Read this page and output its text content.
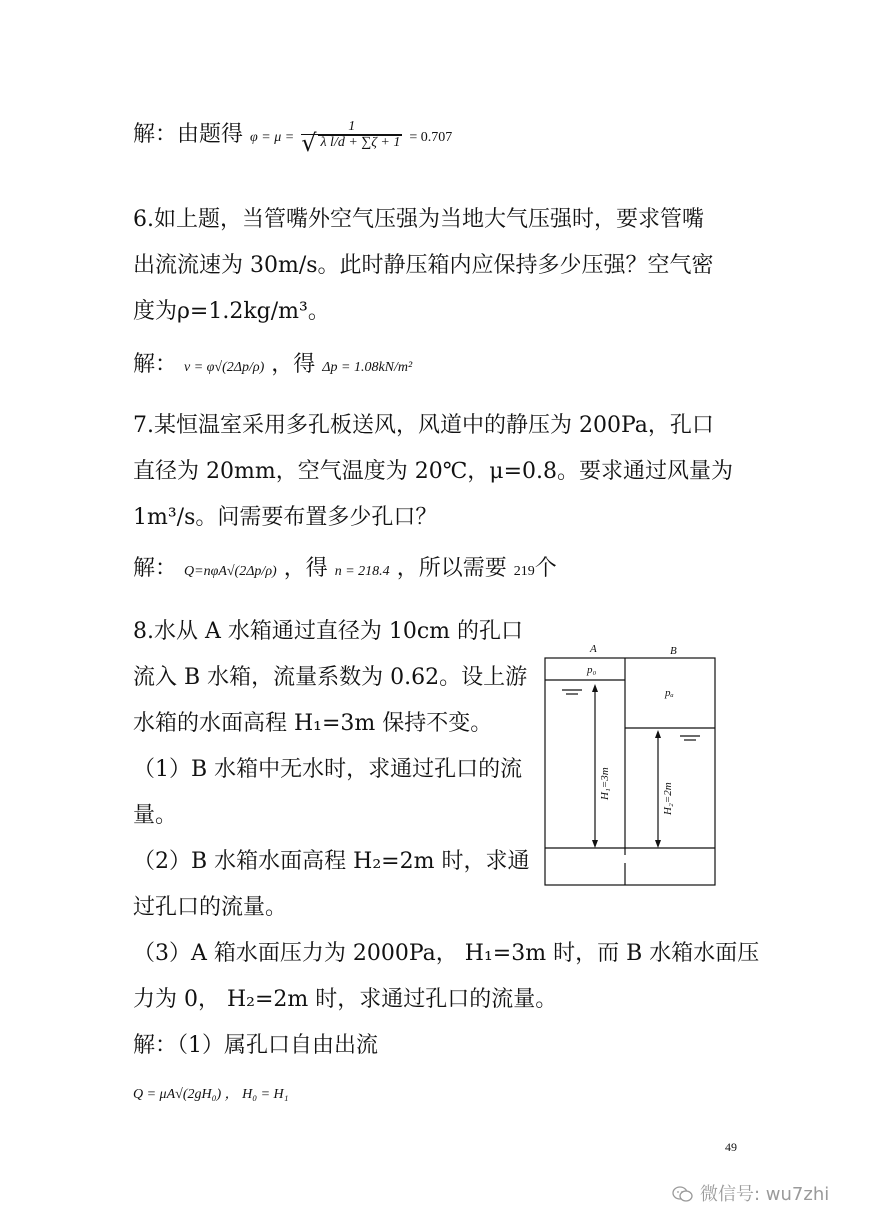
解：由题得 $\varphi = \mu = \frac{1}{\text{√ λ l/d + ∑ζ + 1}} = 0.707$
6.如上题，当管嘴外空气压强为当地大气压强时，要求管嘴
出流流速为 30m/s。此时静压箱内应保持多少压强？空气密
度为ρ=1.2kg/m³。
解： v = φ√(2Δp/ρ) ，得 Δp = 1.08kN/m²
7.某恒温室采用多孔板送风，风道中的静压为 200Pa，孔口
直径为 20mm，空气温度为 20℃，μ=0.8。要求通过风量为
1m³/s。问需要布置多少孔口？
解： Q=nφA√(2Δp/ρ) ，得 n = 218.4 ，所以需要 219个
8.水从 A 水箱通过直径为 10cm 的孔口
流入 B 水箱，流量系数为 0.62。设上游
水箱的水面高程 H₁=3m 保持不变。
（1）B 水箱中无水时，求通过孔口的流
量。
（2）B 水箱水面高程 H₂=2m 时，求通
过孔口的流量。
（3）A 箱水面压力为 2000Pa， H₁=3m 时，而 B 水箱水面压
力为 0， H₂=2m 时，求通过孔口的流量。
解：（1）属孔口自由出流
Q = μA√(2gH₀) ， H₀ = H₁
A	B
p₀
pₐ
H₁=3m	H₂=2m
49
微信号: wu7zhi
